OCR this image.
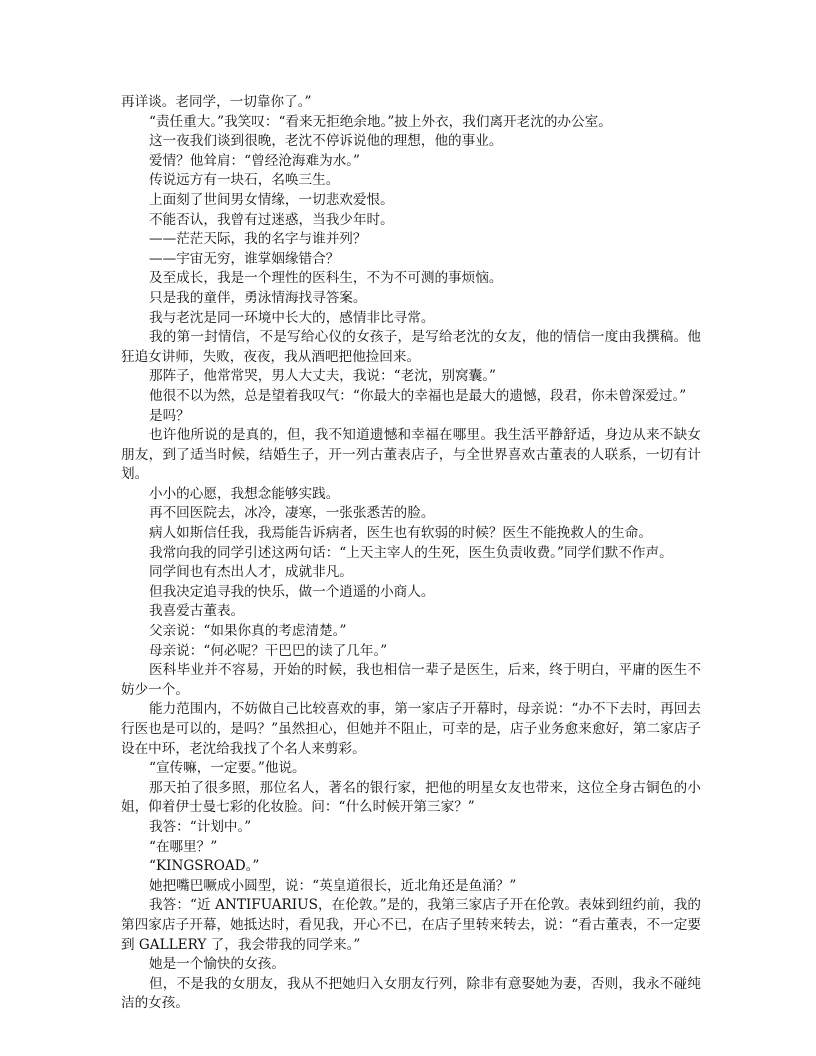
再详谈。老同学，一切靠你了。”

“责任重大。”我笑叹：“看来无拒绝余地。”披上外衣，我们离开老沈的办公室。

这一夜我们谈到很晚，老沈不停诉说他的理想，他的事业。

爱情？他耸肩：“曾经沧海难为水。”

传说远方有一块石，名唤三生。

上面刻了世间男女情缘，一切悲欢爱恨。

不能否认，我曾有过迷惑，当我少年时。

——茫茫天际，我的名字与谁并列？

——宇宙无穷，谁掌姻缘错合？

及至成长，我是一个理性的医科生，不为不可测的事烦恼。

只是我的童伴，勇泳情海找寻答案。

我与老沈是同一环境中长大的，感情非比寻常。

我的第一封情信，不是写给心仪的女孩子，是写给老沈的女友，他的情信一度由我撰稿。他狂追女讲师，失败，夜夜，我从酒吧把他捡回来。

那阵子，他常常哭，男人大丈夫，我说：“老沈，别窝囊。”

他很不以为然，总是望着我叹气：“你最大的幸福也是最大的遗憾，段君，你未曾深爱过。”

是吗？

也许他所说的是真的，但，我不知道遗憾和幸福在哪里。我生活平静舒适，身边从来不缺女朋友，到了适当时候，结婚生子，开一列古董表店子，与全世界喜欢古董表的人联系，一切有计划。

小小的心愿，我想念能够实践。

再不回医院去，冰冷，凄寒，一张张悉苦的脸。

病人如斯信任我，我焉能告诉病者，医生也有软弱的时候？医生不能挽救人的生命。

我常向我的同学引述这两句话：“上天主宰人的生死，医生负责收费。”同学们默不作声。

同学间也有杰出人才，成就非凡。

但我决定追寻我的快乐，做一个逍遥的小商人。

我喜爱古董表。

父亲说：“如果你真的考虑清楚。”

母亲说：“何必呢？干巴巴的读了几年。”

医科毕业并不容易，开始的时候，我也相信一辈子是医生，后来，终于明白，平庸的医生不妨少一个。

能力范围内，不妨做自己比较喜欢的事，第一家店子开幕时，母亲说：“办不下去时，再回去行医也是可以的，是吗？”虽然担心，但她并不阻止，可幸的是，店子业务愈来愈好，第二家店子设在中环，老沈给我找了个名人来剪彩。

“宣传嘛，一定要。”他说。

那天拍了很多照，那位名人，著名的银行家，把他的明星女友也带来，这位全身古铜色的小姐，仰着伊士曼七彩的化妆脸。问：“什么时候开第三家？”

我答：“计划中。”

“在哪里？”

“KINGSROAD。”

她把嘴巴噘成小圆型，说：“英皇道很长，近北角还是鱼涌？”

我答：“近 ANTIFUARIUS，在伦敦。”是的，我第三家店子开在伦敦。表妹到纽约前，我的第四家店子开幕，她抵达时，看见我，开心不已，在店子里转来转去，说：“看古董表，不一定要到 GALLERY 了，我会带我的同学来。”

她是一个愉快的女孩。

但，不是我的女朋友，我从不把她归入女朋友行列，除非有意娶她为妻，否则，我永不碰纯洁的女孩。
